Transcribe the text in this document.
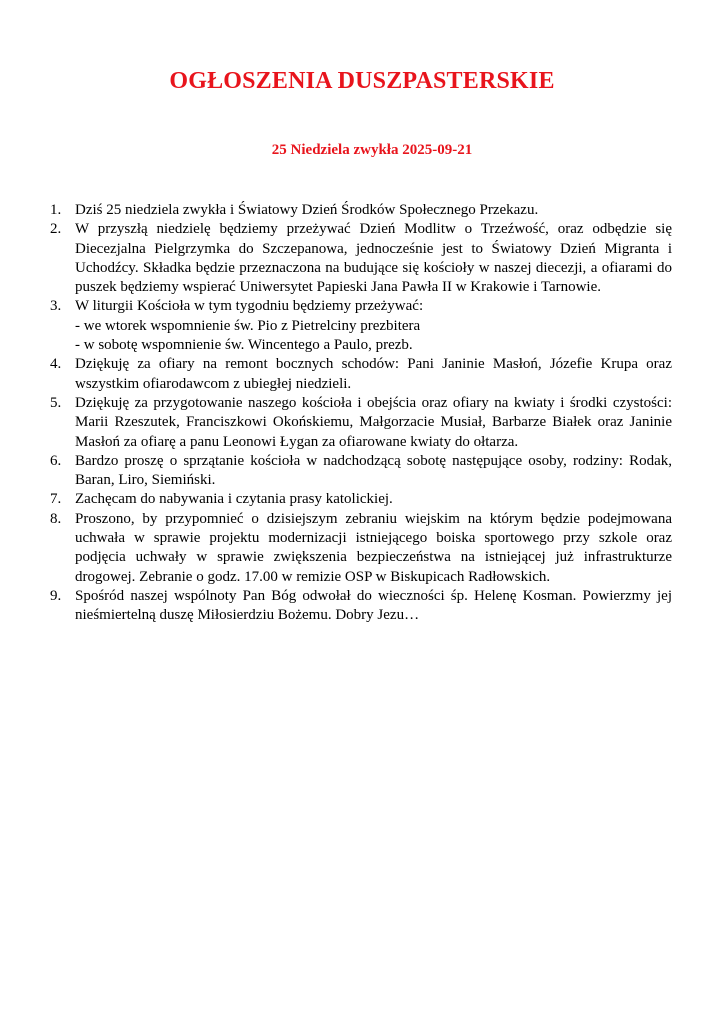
OGŁOSZENIA DUSZPASTERSKIE
25 Niedziela zwykła 2025-09-21
1. Dziś 25 niedziela zwykła i Światowy Dzień Środków Społecznego Przekazu.
2. W przyszłą niedzielę będziemy przeżywać Dzień Modlitw o Trzeźwość, oraz odbędzie się Diecezjalna Pielgrzymka do Szczepanowa, jednocześnie jest to Światowy Dzień Migranta i Uchodźcy. Składka będzie przeznaczona na budujące się kościoły w naszej diecezji, a ofiarami do puszek będziemy wspierać Uniwersytet Papieski Jana Pawła II w Krakowie i Tarnowie.
3. W liturgii Kościoła w tym tygodniu będziemy przeżywać:
- we wtorek wspomnienie św. Pio z Pietrelciny prezbitera
- w sobotę wspomnienie św. Wincentego a Paulo, prezb.
4. Dziękuję za ofiary na remont bocznych schodów: Pani Janinie Masłoń, Józefie Krupa oraz wszystkim ofiarodawcom z ubiegłej niedzieli.
5. Dziękuję za przygotowanie naszego kościoła i obejścia oraz ofiary na kwiaty i środki czystości: Marii Rzeszutek, Franciszkowi Okońskiemu, Małgorzacie Musiał, Barbarze Białek oraz Janinie Masłoń za ofiarę a panu Leonowi Łygan za ofiarowane kwiaty do ołtarza.
6. Bardzo proszę o sprzątanie kościoła w nadchodzącą sobotę następujące osoby, rodziny: Rodak, Baran, Liro, Siemiński.
7. Zachęcam do nabywania i czytania prasy katolickiej.
8. Proszono, by przypomnieć o dzisiejszym zebraniu wiejskim na którym będzie podejmowana uchwała w sprawie projektu modernizacji istniejącego boiska sportowego przy szkole oraz podjęcia uchwały w sprawie zwiększenia bezpieczeństwa na istniejącej już infrastrukturze drogowej. Zebranie o godz. 17.00 w remizie OSP w Biskupicach Radłowskich.
9. Spośród naszej wspólnoty Pan Bóg odwołał do wieczności śp. Helenę Kosman. Powierzmy jej nieśmiertelną duszę Miłosierdziu Bożemu. Dobry Jezu…
